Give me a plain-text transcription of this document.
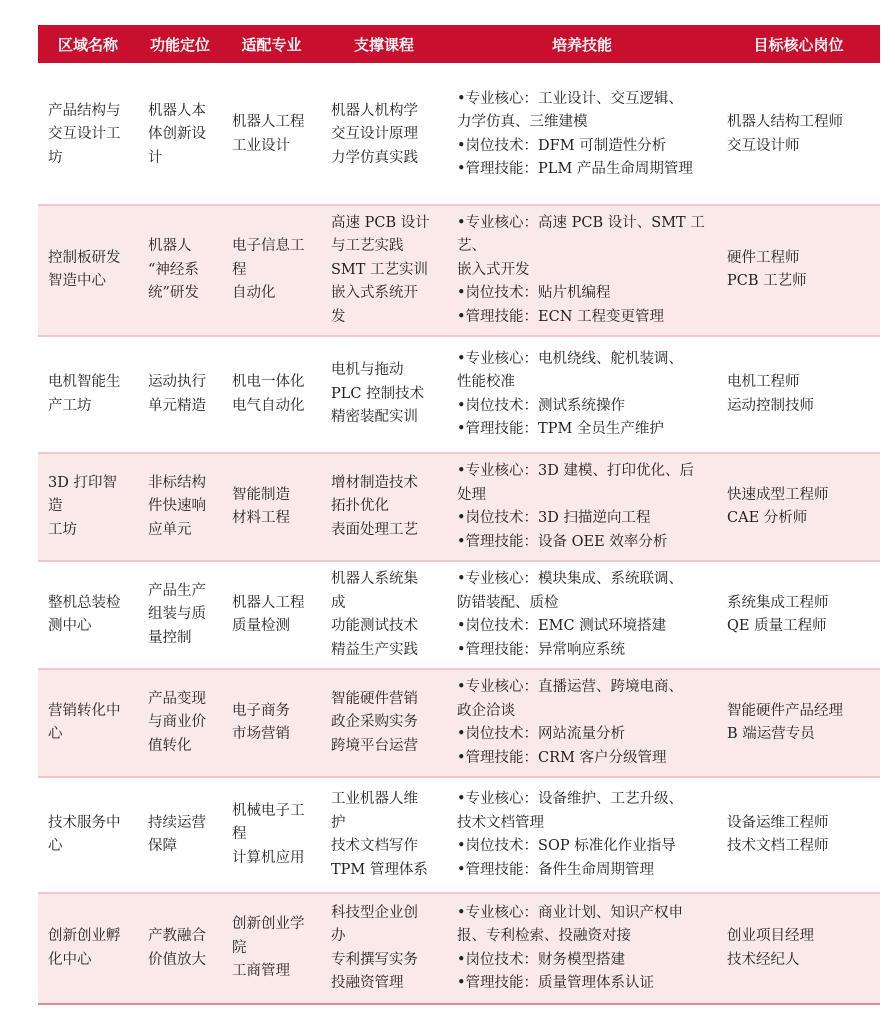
区域名称	功能定位	适配专业	支撑课程	培养技能	目标核心岗位

产品结构与
交互设计工
坊	机器人本
体创新设
计	机器人工程
工业设计	机器人机构学
交互设计原理
力学仿真实践	•专业核心：工业设计、交互逻辑、
力学仿真、三维建模
•岗位技术：DFM 可制造性分析
•管理技能：PLM 产品生命周期管理	机器人结构工程师
交互设计师

控制板研发
智造中心	机器人
“神经系
统”研发	电子信息工
程
自动化	高速 PCB 设计
与工艺实践
SMT 工艺实训
嵌入式系统开
发	•专业核心：高速 PCB 设计、SMT 工艺、
嵌入式开发
•岗位技术：贴片机编程
•管理技能：ECN 工程变更管理	硬件工程师
PCB 工艺师

电机智能生
产工坊	运动执行
单元精造	机电一体化
电气自动化	电机与拖动
PLC 控制技术
精密装配实训	•专业核心：电机绕线、舵机装调、
性能校准
•岗位技术：测试系统操作
•管理技能：TPM 全员生产维护	电机工程师
运动控制技师

3D 打印智造
工坊	非标结构
件快速响
应单元	智能制造
材料工程	增材制造技术
拓扑优化
表面处理工艺	•专业核心：3D 建模、打印优化、后
处理
•岗位技术：3D 扫描逆向工程
•管理技能：设备 OEE 效率分析	快速成型工程师
CAE 分析师

整机总装检
测中心	产品生产
组装与质
量控制	机器人工程
质量检测	机器人系统集
成
功能测试技术
精益生产实践	•专业核心：模块集成、系统联调、
防错装配、质检
•岗位技术：EMC 测试环境搭建
•管理技能：异常响应系统	系统集成工程师
QE 质量工程师

营销转化中
心	产品变现
与商业价
值转化	电子商务
市场营销	智能硬件营销
政企采购实务
跨境平台运营	•专业核心：直播运营、跨境电商、
政企洽谈
•岗位技术：网站流量分析
•管理技能：CRM 客户分级管理	智能硬件产品经理
B 端运营专员

技术服务中
心	持续运营
保障	机械电子工
程
计算机应用	工业机器人维
护
技术文档写作
TPM 管理体系	•专业核心：设备维护、工艺升级、
技术文档管理
•岗位技术：SOP 标准化作业指导
•管理技能：备件生命周期管理	设备运维工程师
技术文档工程师

创新创业孵
化中心	产教融合
价值放大	创新创业学
院
工商管理	科技型企业创
办
专利撰写实务
投融资管理	•专业核心：商业计划、知识产权申
报、专利检索、投融资对接
•岗位技术：财务模型搭建
•管理技能：质量管理体系认证	创业项目经理
技术经纪人
